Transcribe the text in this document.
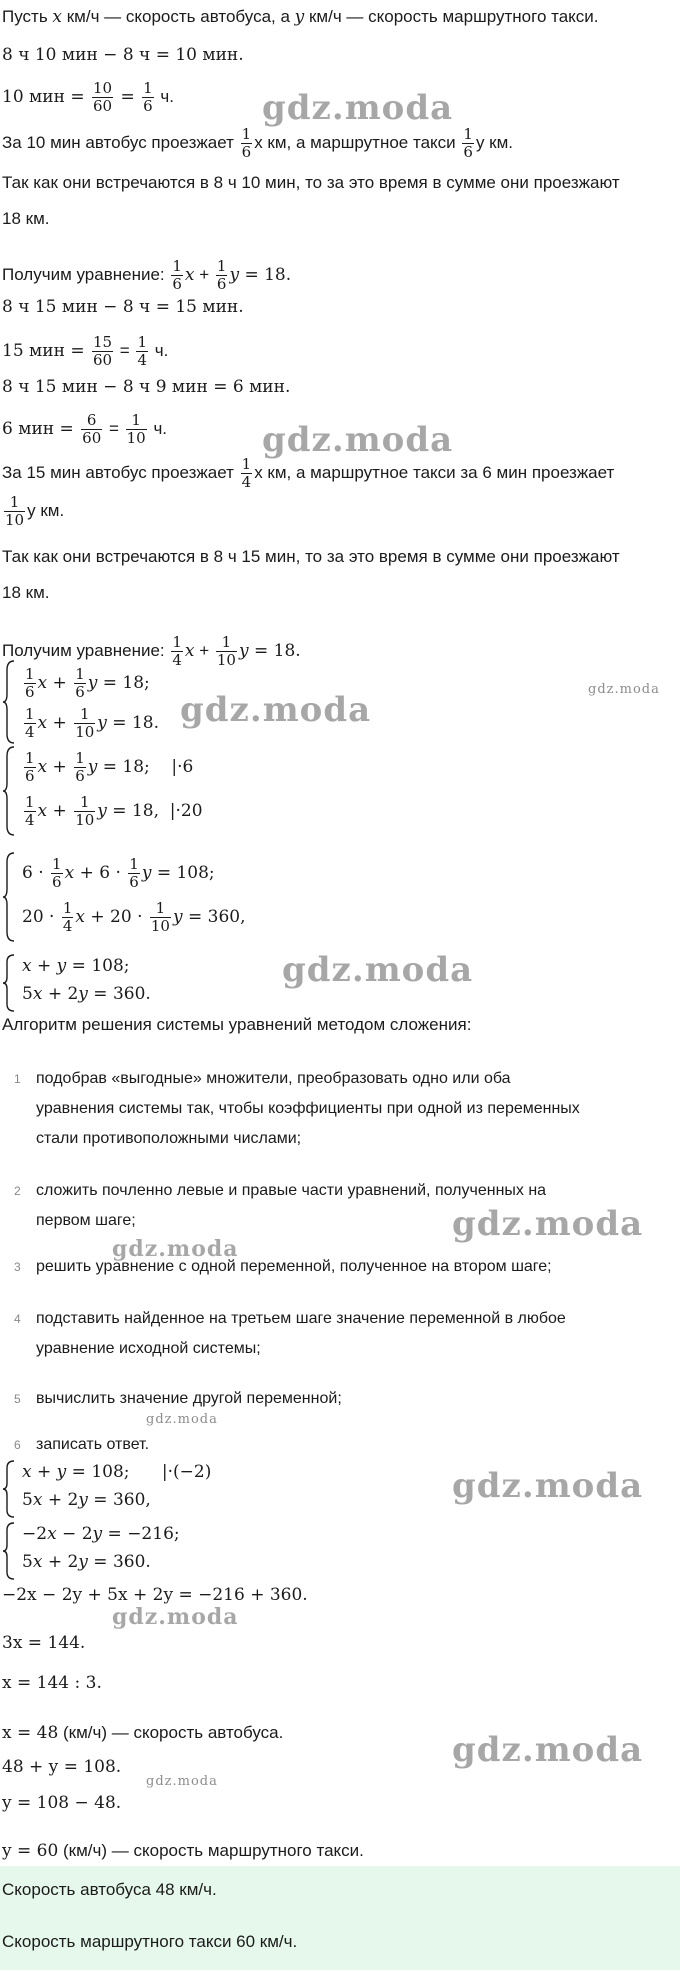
Пусть x км/ч — скорость автобуса, а y км/ч — скорость маршрутного такси.
8 ч 10 мин − 8 ч = 10 мин.
10 мин = $\frac{10}{60} = \frac{1}{6} ч$.
За 10 мин автобус проезжает $\frac{1}{6}$ x км, а маршрутное такси $\frac{1}{6}$ y км.
Так как они встречаются в 8 ч 10 мин, то за это время в сумме они проезжают
18 км.
Получим уравнение: $\frac{1}{6}$ $x + \frac{1}{6}$ y = 18.
8 ч 15 мин − 8 ч = 15 мин.
15 мин = $\frac{15}{60} = \frac{1}{4} ч$.
8 ч 15 мин − 8 ч 9 мин = 6 мин.
6 мин = $\frac{6}{60} = \frac{1}{10} ч$.
За 15 мин автобус проезжает $\frac{1}{4}$ x км, а маршрутное такси за 6 мин проезжает
$\frac{1}{10}$ y км.
Так как они встречаются в 8 ч 15 мин, то за это время в сумме они проезжают
18 км.
Получим уравнение: $\frac{1}{4}$ $x + \frac{1}{10}$ y = 18.
$\frac{1}{6}$ $x + \frac{1}{6}$ y = 18;
$\frac{1}{4}$ $x + \frac{1}{10}$ y = 18.
$\frac{1}{6}$ $x + \frac{1}{6}$ y = 18;    |·6
$\frac{1}{4}$ $x + \frac{1}{10}$ y = 18,  |·20
$6 \cdot \frac{1}{6}$ $x + 6 \cdot \frac{1}{6}$ y = 108;
$20 \cdot \frac{1}{4}$ $x + 20 \cdot \frac{1}{10}$ y = 360,
x + y = 108;
5x + 2y = 360.
Алгоритм решения системы уравнений методом сложения:
1 подобрав «выгодные» множители, преобразовать одно или оба
уравнения системы так, чтобы коэффициенты при одной из переменных
стали противоположными числами;
2 сложить почленно левые и правые части уравнений, полученных на
первом шаге;
3 решить уравнение с одной переменной, полученное на втором шаге;
4 подставить найденное на третьем шаге значение переменной в любое
уравнение исходной системы;
5 вычислить значение другой переменной;
6 записать ответ.
x + y = 108;      |·(−2)
5x + 2y = 360,
−2x − 2y = −216;
5x + 2y = 360.
−2x − 2y + 5x + 2y = −216 + 360.
3x = 144.
x = 144 : 3.
x = 48 (км/ч) — скорость автобуса.
48 + y = 108.
y = 108 − 48.
y = 60 (км/ч) — скорость маршрутного такси.
Скорость автобуса 48 км/ч.
Скорость маршрутного такси 60 км/ч.
gdz.moda
gdz.moda
gdz.moda
gdz.moda
gdz.moda
gdz.moda
gdz.moda
gdz.moda
gdz.moda
gdz.moda
gdz.moda
gdz.moda
